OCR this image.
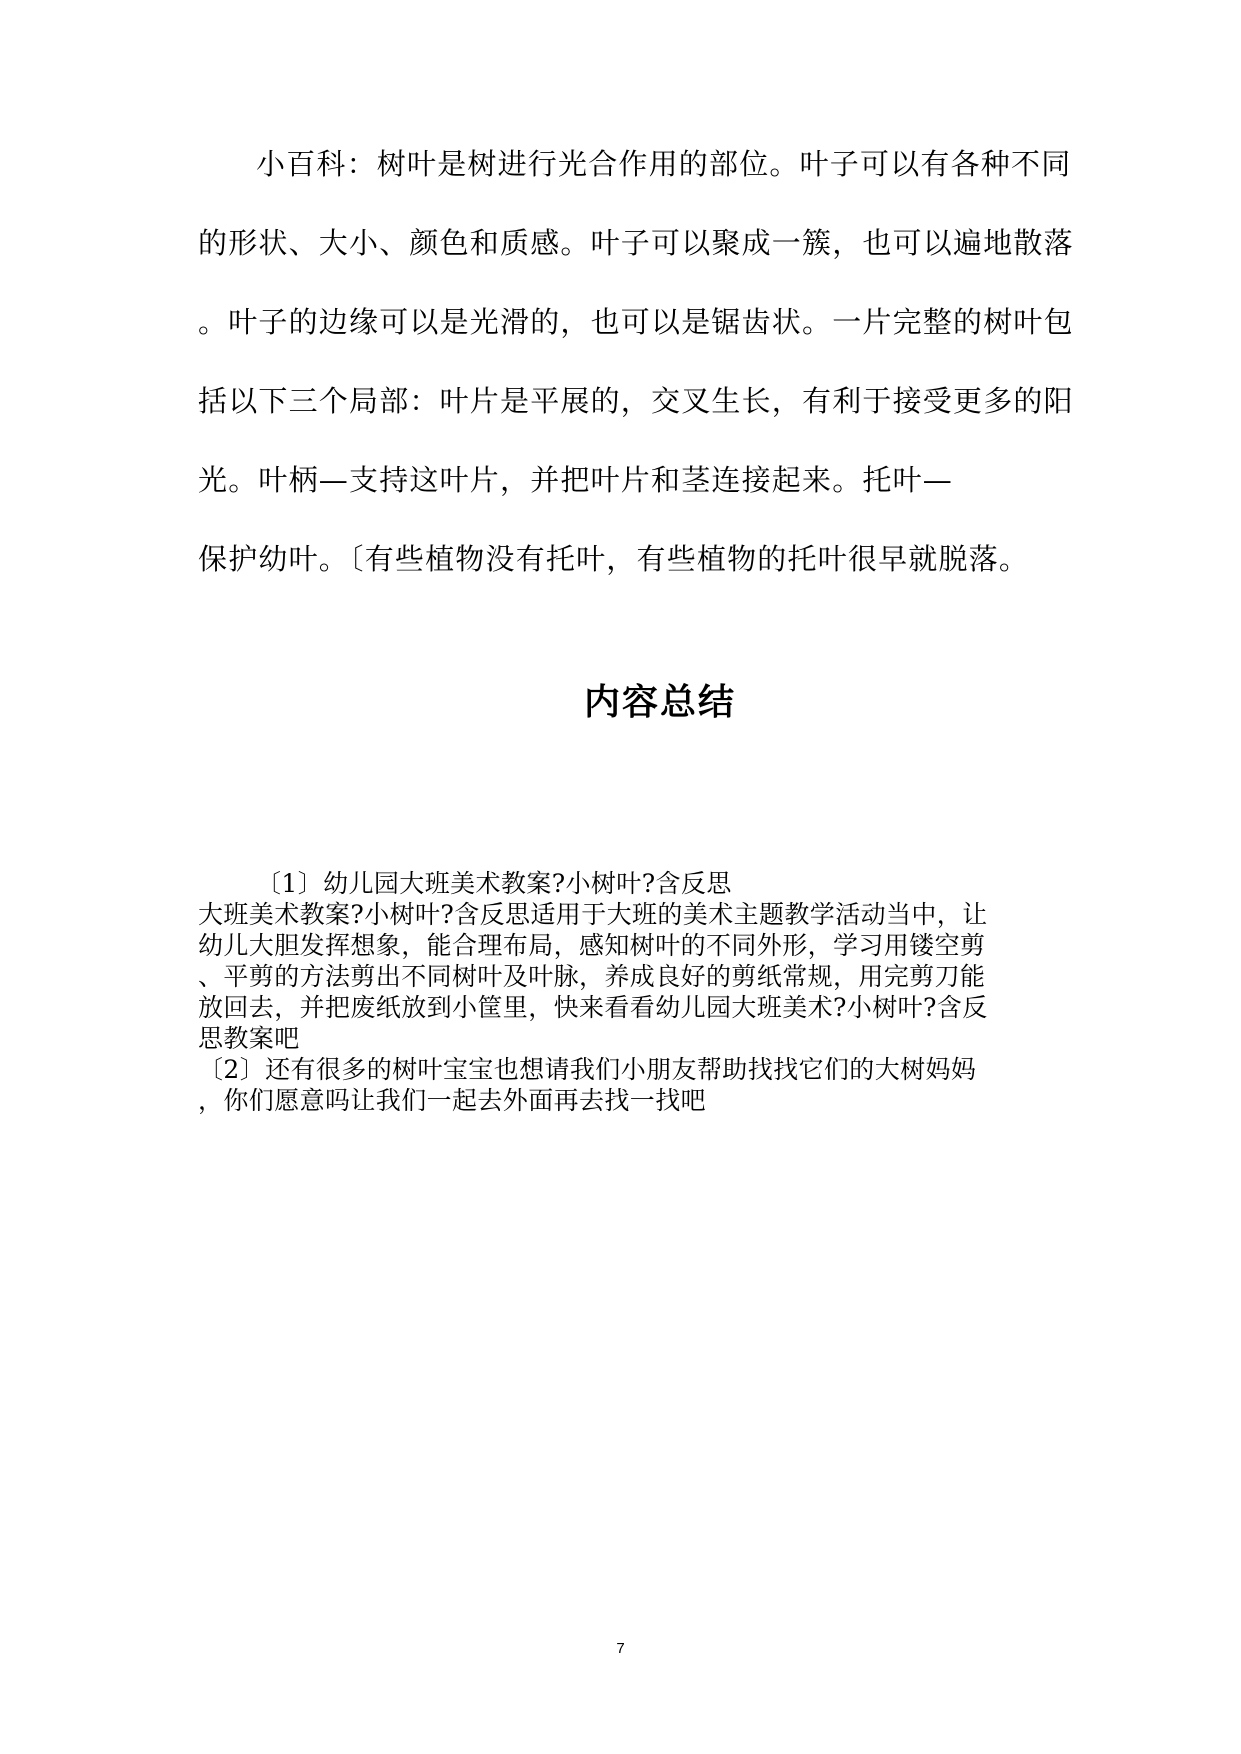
小百科：树叶是树进行光合作用的部位。叶子可以有各种不同
的形状、大小、颜色和质感。叶子可以聚成一簇，也可以遍地散落
。叶子的边缘可以是光滑的，也可以是锯齿状。一片完整的树叶包
括以下三个局部：叶片是平展的，交叉生长，有利于接受更多的阳
光。叶柄—支持这叶片，并把叶片和茎连接起来。托叶—
保护幼叶。〔有些植物没有托叶，有些植物的托叶很早就脱落。
内容总结
〔1〕幼儿园大班美术教案?小树叶?含反思
大班美术教案?小树叶?含反思适用于大班的美术主题教学活动当中，让
幼儿大胆发挥想象，能合理布局，感知树叶的不同外形，学习用镂空剪
、平剪的方法剪出不同树叶及叶脉，养成良好的剪纸常规，用完剪刀能
放回去，并把废纸放到小筐里，快来看看幼儿园大班美术?小树叶?含反
思教案吧
〔2〕还有很多的树叶宝宝也想请我们小朋友帮助找找它们的大树妈妈
，你们愿意吗让我们一起去外面再去找一找吧
7
